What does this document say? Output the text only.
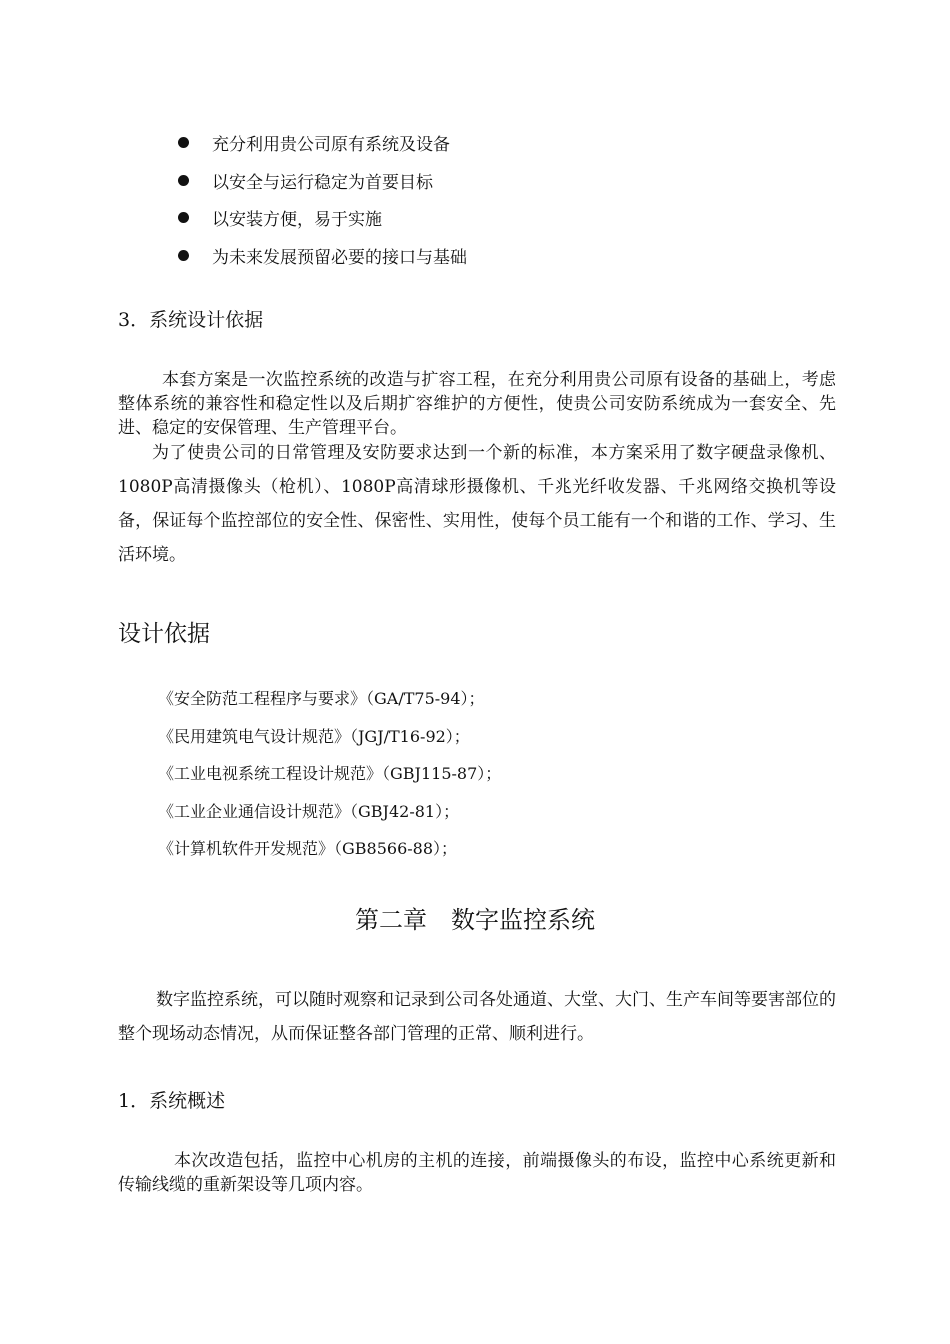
充分利用贵公司原有系统及设备
以安全与运行稳定为首要目标
以安装方便，易于实施
为未来发展预留必要的接口与基础
3．系统设计依据

本套方案是一次监控系统的改造与扩容工程，在充分利用贵公司原有设备的基础上，考虑整体系统的兼容性和稳定性以及后期扩容维护的方便性，使贵公司安防系统成为一套安全、先进、稳定的安保管理、生产管理平台。

为了使贵公司的日常管理及安防要求达到一个新的标准，本方案采用了数字硬盘录像机、1080P高清摄像头（枪机）、1080P高清球形摄像机、千兆光纤收发器、千兆网络交换机等设备，保证每个监控部位的安全性、保密性、实用性，使每个员工能有一个和谐的工作、学习、生活环境。

设计依据
《安全防范工程程序与要求》（GA/T75-94）；
《民用建筑电气设计规范》（JGJ/T16-92）；
《工业电视系统工程设计规范》（GBJ115-87）；
《工业企业通信设计规范》（GBJ42-81）；
《计算机软件开发规范》（GB8566-88）；
第二章　数字监控系统

数字监控系统，可以随时观察和记录到公司各处通道、大堂、大门、生产车间等要害部位的整个现场动态情况，从而保证整各部门管理的正常、顺利进行。

1．系统概述

本次改造包括，监控中心机房的主机的连接，前端摄像头的布设，监控中心系统更新和传输线缆的重新架设等几项内容。
